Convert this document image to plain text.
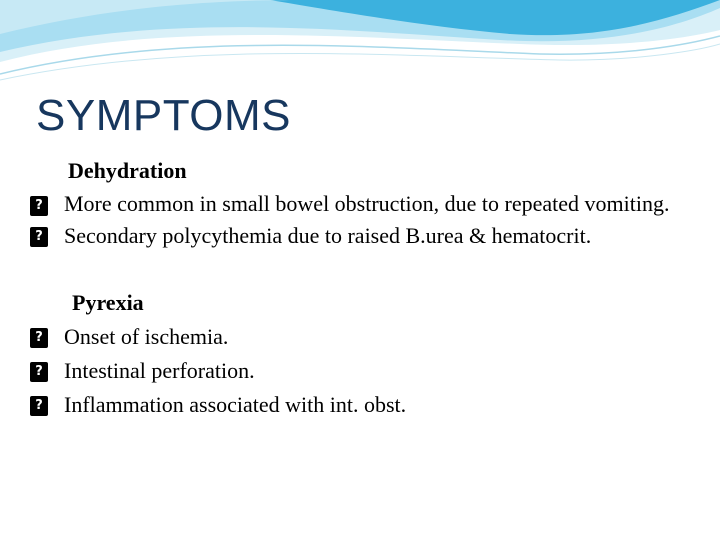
SYMPTOMS

Dehydration

? More common in small bowel obstruction, due to repeated vomiting.

? Secondary polycythemia due to raised B.urea & hematocrit.

Pyrexia

? Onset of ischemia.

? Intestinal perforation.

? Inflammation associated with int. obst.
